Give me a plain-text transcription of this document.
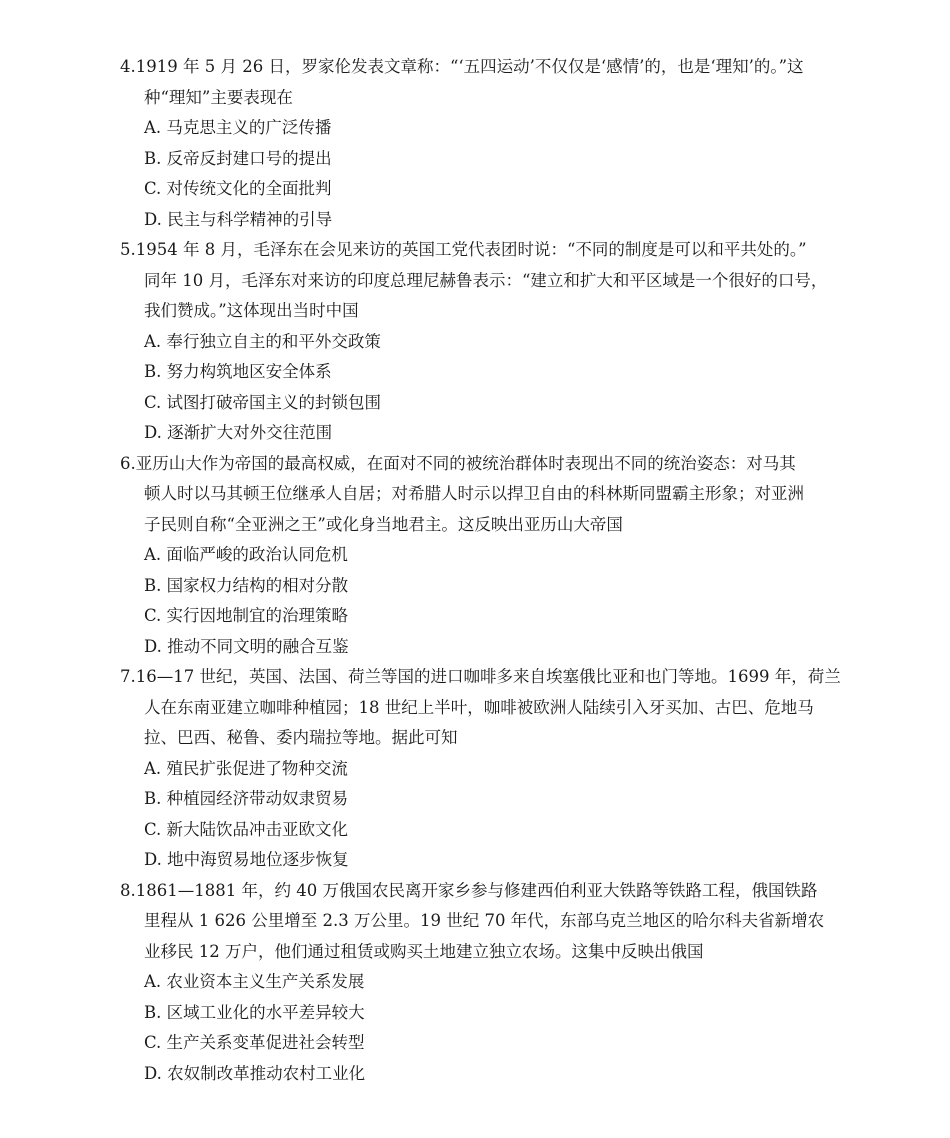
4.1919 年 5 月 26 日，罗家伦发表文章称：“‘五四运动’不仅仅是‘感情’的，也是‘理知’的。”这
种“理知”主要表现在
A. 马克思主义的广泛传播
B. 反帝反封建口号的提出
C. 对传统文化的全面批判
D. 民主与科学精神的引导
5.1954 年 8 月，毛泽东在会见来访的英国工党代表团时说：“不同的制度是可以和平共处的。”
同年 10 月，毛泽东对来访的印度总理尼赫鲁表示：“建立和扩大和平区域是一个很好的口号，
我们赞成。”这体现出当时中国
A. 奉行独立自主的和平外交政策
B. 努力构筑地区安全体系
C. 试图打破帝国主义的封锁包围
D. 逐渐扩大对外交往范围
6.亚历山大作为帝国的最高权威，在面对不同的被统治群体时表现出不同的统治姿态：对马其
顿人时以马其顿王位继承人自居；对希腊人时示以捍卫自由的科林斯同盟霸主形象；对亚洲
子民则自称“全亚洲之王”或化身当地君主。这反映出亚历山大帝国
A. 面临严峻的政治认同危机
B. 国家权力结构的相对分散
C. 实行因地制宜的治理策略
D. 推动不同文明的融合互鉴
7.16—17 世纪，英国、法国、荷兰等国的进口咖啡多来自埃塞俄比亚和也门等地。1699 年，荷兰
人在东南亚建立咖啡种植园；18 世纪上半叶，咖啡被欧洲人陆续引入牙买加、古巴、危地马
拉、巴西、秘鲁、委内瑞拉等地。据此可知
A. 殖民扩张促进了物种交流
B. 种植园经济带动奴隶贸易
C. 新大陆饮品冲击亚欧文化
D. 地中海贸易地位逐步恢复
8.1861—1881 年，约 40 万俄国农民离开家乡参与修建西伯利亚大铁路等铁路工程，俄国铁路
里程从 1 626 公里增至 2.3 万公里。19 世纪 70 年代，东部乌克兰地区的哈尔科夫省新增农
业移民 12 万户，他们通过租赁或购买土地建立独立农场。这集中反映出俄国
A. 农业资本主义生产关系发展
B. 区域工业化的水平差异较大
C. 生产关系变革促进社会转型
D. 农奴制改革推动农村工业化
